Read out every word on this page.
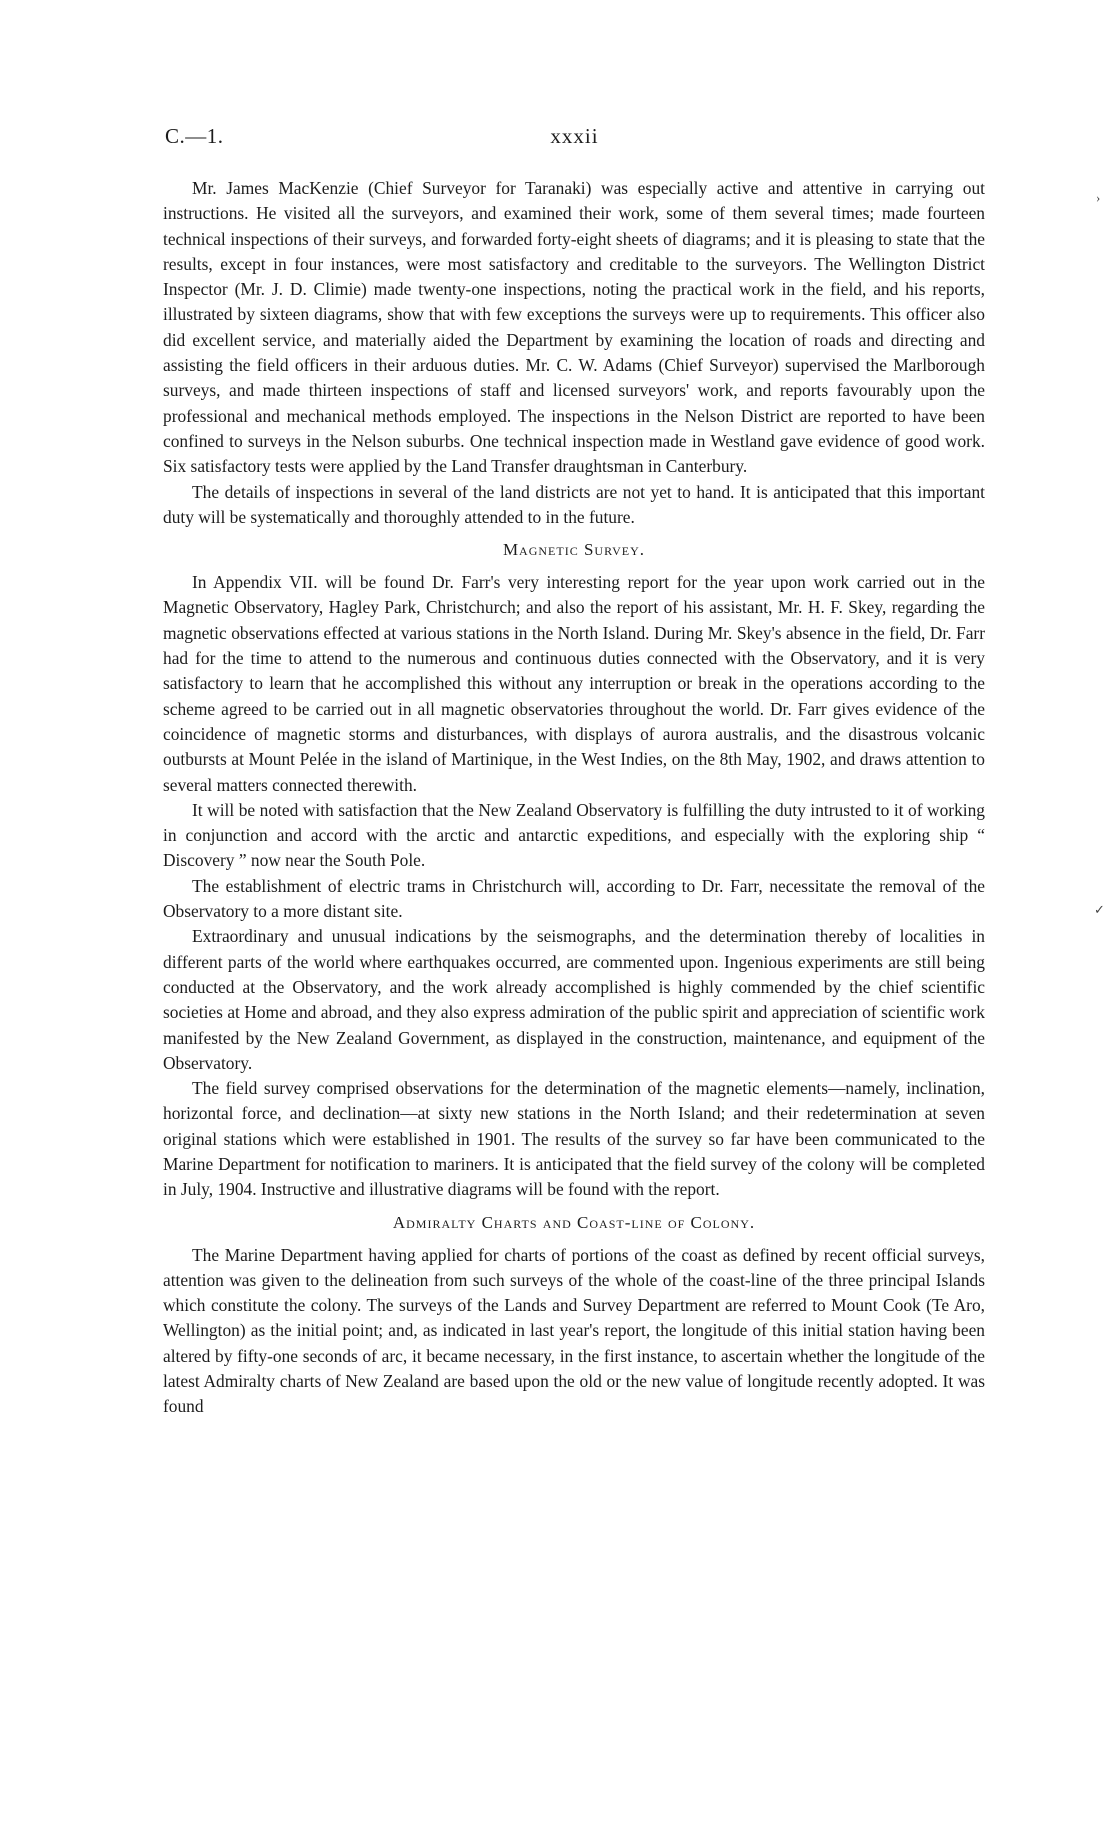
C.—1.	xxxii
›
✓

Mr. James MacKenzie (Chief Surveyor for Taranaki) was especially active and attentive in carrying out instructions. He visited all the surveyors, and examined their work, some of them several times; made fourteen technical inspections of their surveys, and forwarded forty-eight sheets of diagrams; and it is pleasing to state that the results, except in four instances, were most satisfactory and creditable to the surveyors. The Wellington District Inspector (Mr. J. D. Climie) made twenty-one inspections, noting the practical work in the field, and his reports, illustrated by sixteen diagrams, show that with few exceptions the surveys were up to requirements. This officer also did excellent service, and materially aided the Department by examining the location of roads and directing and assisting the field officers in their arduous duties. Mr. C. W. Adams (Chief Surveyor) supervised the Marlborough surveys, and made thirteen inspections of staff and licensed surveyors' work, and reports favourably upon the professional and mechanical methods employed. The inspections in the Nelson District are reported to have been confined to surveys in the Nelson suburbs. One technical inspection made in Westland gave evidence of good work. Six satisfactory tests were applied by the Land Transfer draughtsman in Canterbury.

The details of inspections in several of the land districts are not yet to hand. It is anticipated that this important duty will be systematically and thoroughly attended to in the future.

Magnetic Survey.

In Appendix VII. will be found Dr. Farr's very interesting report for the year upon work carried out in the Magnetic Observatory, Hagley Park, Christchurch; and also the report of his assistant, Mr. H. F. Skey, regarding the magnetic observations effected at various stations in the North Island. During Mr. Skey's absence in the field, Dr. Farr had for the time to attend to the numerous and continuous duties connected with the Observatory, and it is very satisfactory to learn that he accomplished this without any interruption or break in the operations according to the scheme agreed to be carried out in all magnetic observatories throughout the world. Dr. Farr gives evidence of the coincidence of magnetic storms and disturbances, with displays of aurora australis, and the disastrous volcanic outbursts at Mount Pelée in the island of Martinique, in the West Indies, on the 8th May, 1902, and draws attention to several matters connected therewith.

It will be noted with satisfaction that the New Zealand Observatory is fulfilling the duty intrusted to it of working in conjunction and accord with the arctic and antarctic expeditions, and especially with the exploring ship “ Discovery ” now near the South Pole.

The establishment of electric trams in Christchurch will, according to Dr. Farr, necessitate the removal of the Observatory to a more distant site.

Extraordinary and unusual indications by the seismographs, and the determination thereby of localities in different parts of the world where earthquakes occurred, are commented upon. Ingenious experiments are still being conducted at the Observatory, and the work already accomplished is highly commended by the chief scientific societies at Home and abroad, and they also express admiration of the public spirit and appreciation of scientific work manifested by the New Zealand Government, as displayed in the construction, maintenance, and equipment of the Observatory.

The field survey comprised observations for the determination of the magnetic elements—namely, inclination, horizontal force, and declination—at sixty new stations in the North Island; and their redetermination at seven original stations which were established in 1901. The results of the survey so far have been communicated to the Marine Department for notification to mariners. It is anticipated that the field survey of the colony will be completed in July, 1904. Instructive and illustrative diagrams will be found with the report.

Admiralty Charts and Coast-line of Colony.

The Marine Department having applied for charts of portions of the coast as defined by recent official surveys, attention was given to the delineation from such surveys of the whole of the coast-line of the three principal Islands which constitute the colony. The surveys of the Lands and Survey Department are referred to Mount Cook (Te Aro, Wellington) as the initial point; and, as indicated in last year's report, the longitude of this initial station having been altered by fifty-one seconds of arc, it became necessary, in the first instance, to ascertain whether the longitude of the latest Admiralty charts of New Zealand are based upon the old or the new value of longitude recently adopted. It was found
